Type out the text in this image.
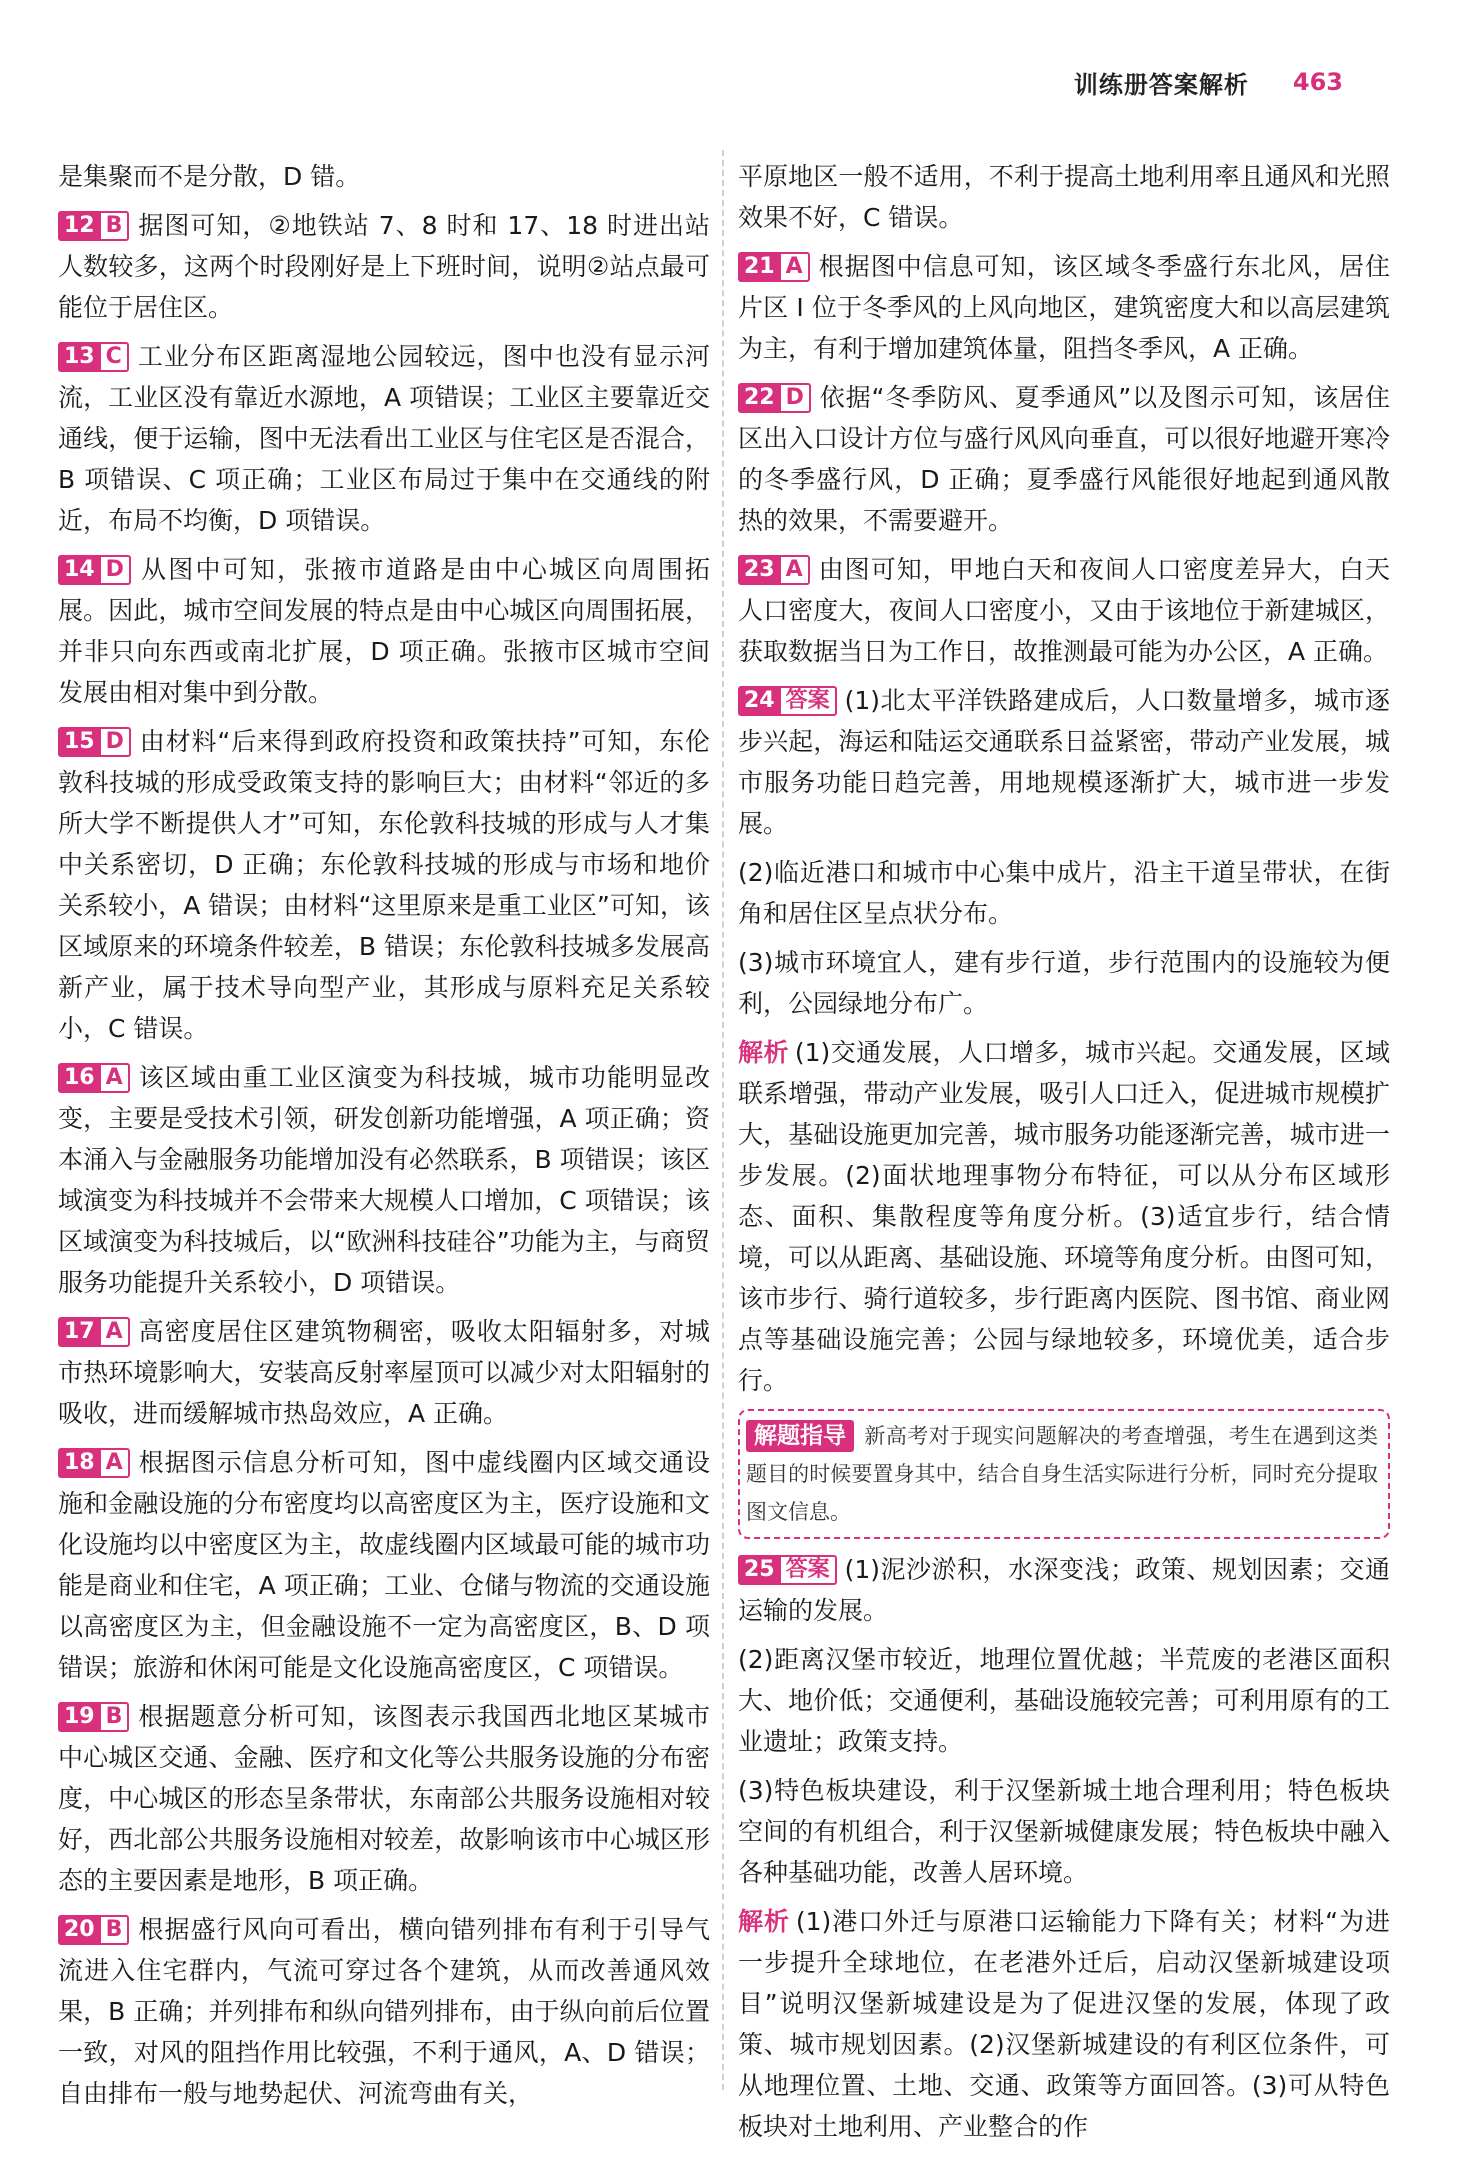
训练册答案解析 463

是集聚而不是分散，D 错。

12 B 据图可知，②地铁站 7、8 时和 17、18 时进出站人数较多，这两个时段刚好是上下班时间，说明②站点最可能位于居住区。

13 C 工业分布区距离湿地公园较远，图中也没有显示河流，工业区没有靠近水源地，A 项错误；工业区主要靠近交通线，便于运输，图中无法看出工业区与住宅区是否混合，B 项错误、C 项正确；工业区布局过于集中在交通线的附近，布局不均衡，D 项错误。

14 D 从图中可知，张掖市道路是由中心城区向周围拓展。因此，城市空间发展的特点是由中心城区向周围拓展，并非只向东西或南北扩展，D 项正确。张掖市区城市空间发展由相对集中到分散。

15 D 由材料“后来得到政府投资和政策扶持”可知，东伦敦科技城的形成受政策支持的影响巨大；由材料“邻近的多所大学不断提供人才”可知，东伦敦科技城的形成与人才集中关系密切，D 正确；东伦敦科技城的形成与市场和地价关系较小，A 错误；由材料“这里原来是重工业区”可知，该区域原来的环境条件较差，B 错误；东伦敦科技城多发展高新产业，属于技术导向型产业，其形成与原料充足关系较小，C 错误。

16 A 该区域由重工业区演变为科技城，城市功能明显改变，主要是受技术引领，研发创新功能增强，A 项正确；资本涌入与金融服务功能增加没有必然联系，B 项错误；该区域演变为科技城并不会带来大规模人口增加，C 项错误；该区域演变为科技城后，以“欧洲科技硅谷”功能为主，与商贸服务功能提升关系较小，D 项错误。

17 A 高密度居住区建筑物稠密，吸收太阳辐射多，对城市热环境影响大，安装高反射率屋顶可以减少对太阳辐射的吸收，进而缓解城市热岛效应，A 正确。

18 A 根据图示信息分析可知，图中虚线圈内区域交通设施和金融设施的分布密度均以高密度区为主，医疗设施和文化设施均以中密度区为主，故虚线圈内区域最可能的城市功能是商业和住宅，A 项正确；工业、仓储与物流的交通设施以高密度区为主，但金融设施不一定为高密度区，B、D 项错误；旅游和休闲可能是文化设施高密度区，C 项错误。

19 B 根据题意分析可知，该图表示我国西北地区某城市中心城区交通、金融、医疗和文化等公共服务设施的分布密度，中心城区的形态呈条带状，东南部公共服务设施相对较好，西北部公共服务设施相对较差，故影响该市中心城区形态的主要因素是地形，B 项正确。

20 B 根据盛行风向可看出，横向错列排布有利于引导气流进入住宅群内，气流可穿过各个建筑，从而改善通风效果，B 正确；并列排布和纵向错列排布，由于纵向前后位置一致，对风的阻挡作用比较强，不利于通风，A、D 错误；自由排布一般与地势起伏、河流弯曲有关，

平原地区一般不适用，不利于提高土地利用率且通风和光照效果不好，C 错误。

21 A 根据图中信息可知，该区域冬季盛行东北风，居住片区 I 位于冬季风的上风向地区，建筑密度大和以高层建筑为主，有利于增加建筑体量，阻挡冬季风，A 正确。

22 D 依据“冬季防风、夏季通风”以及图示可知，该居住区出入口设计方位与盛行风风向垂直，可以很好地避开寒冷的冬季盛行风，D 正确；夏季盛行风能很好地起到通风散热的效果，不需要避开。

23 A 由图可知，甲地白天和夜间人口密度差异大，白天人口密度大，夜间人口密度小，又由于该地位于新建城区，获取数据当日为工作日，故推测最可能为办公区，A 正确。

24 答案 (1)北太平洋铁路建成后，人口数量增多，城市逐步兴起，海运和陆运交通联系日益紧密，带动产业发展，城市服务功能日趋完善，用地规模逐渐扩大，城市进一步发展。

(2)临近港口和城市中心集中成片，沿主干道呈带状，在街角和居住区呈点状分布。

(3)城市环境宜人，建有步行道，步行范围内的设施较为便利，公园绿地分布广。

解析 (1)交通发展，人口增多，城市兴起。交通发展，区域联系增强，带动产业发展，吸引人口迁入，促进城市规模扩大，基础设施更加完善，城市服务功能逐渐完善，城市进一步发展。(2)面状地理事物分布特征，可以从分布区域形态、面积、集散程度等角度分析。(3)适宜步行，结合情境，可以从距离、基础设施、环境等角度分析。由图可知，该市步行、骑行道较多，步行距离内医院、图书馆、商业网点等基础设施完善；公园与绿地较多，环境优美，适合步行。

解题指导 新高考对于现实问题解决的考查增强，考生在遇到这类题目的时候要置身其中，结合自身生活实际进行分析，同时充分提取图文信息。

25 答案 (1)泥沙淤积，水深变浅；政策、规划因素；交通运输的发展。

(2)距离汉堡市较近，地理位置优越；半荒废的老港区面积大、地价低；交通便利，基础设施较完善；可利用原有的工业遗址；政策支持。

(3)特色板块建设，利于汉堡新城土地合理利用；特色板块空间的有机组合，利于汉堡新城健康发展；特色板块中融入各种基础功能，改善人居环境。

解析 (1)港口外迁与原港口运输能力下降有关；材料“为进一步提升全球地位，在老港外迁后，启动汉堡新城建设项目”说明汉堡新城建设是为了促进汉堡的发展，体现了政策、城市规划因素。(2)汉堡新城建设的有利区位条件，可从地理位置、土地、交通、政策等方面回答。(3)可从特色板块对土地利用、产业整合的作
